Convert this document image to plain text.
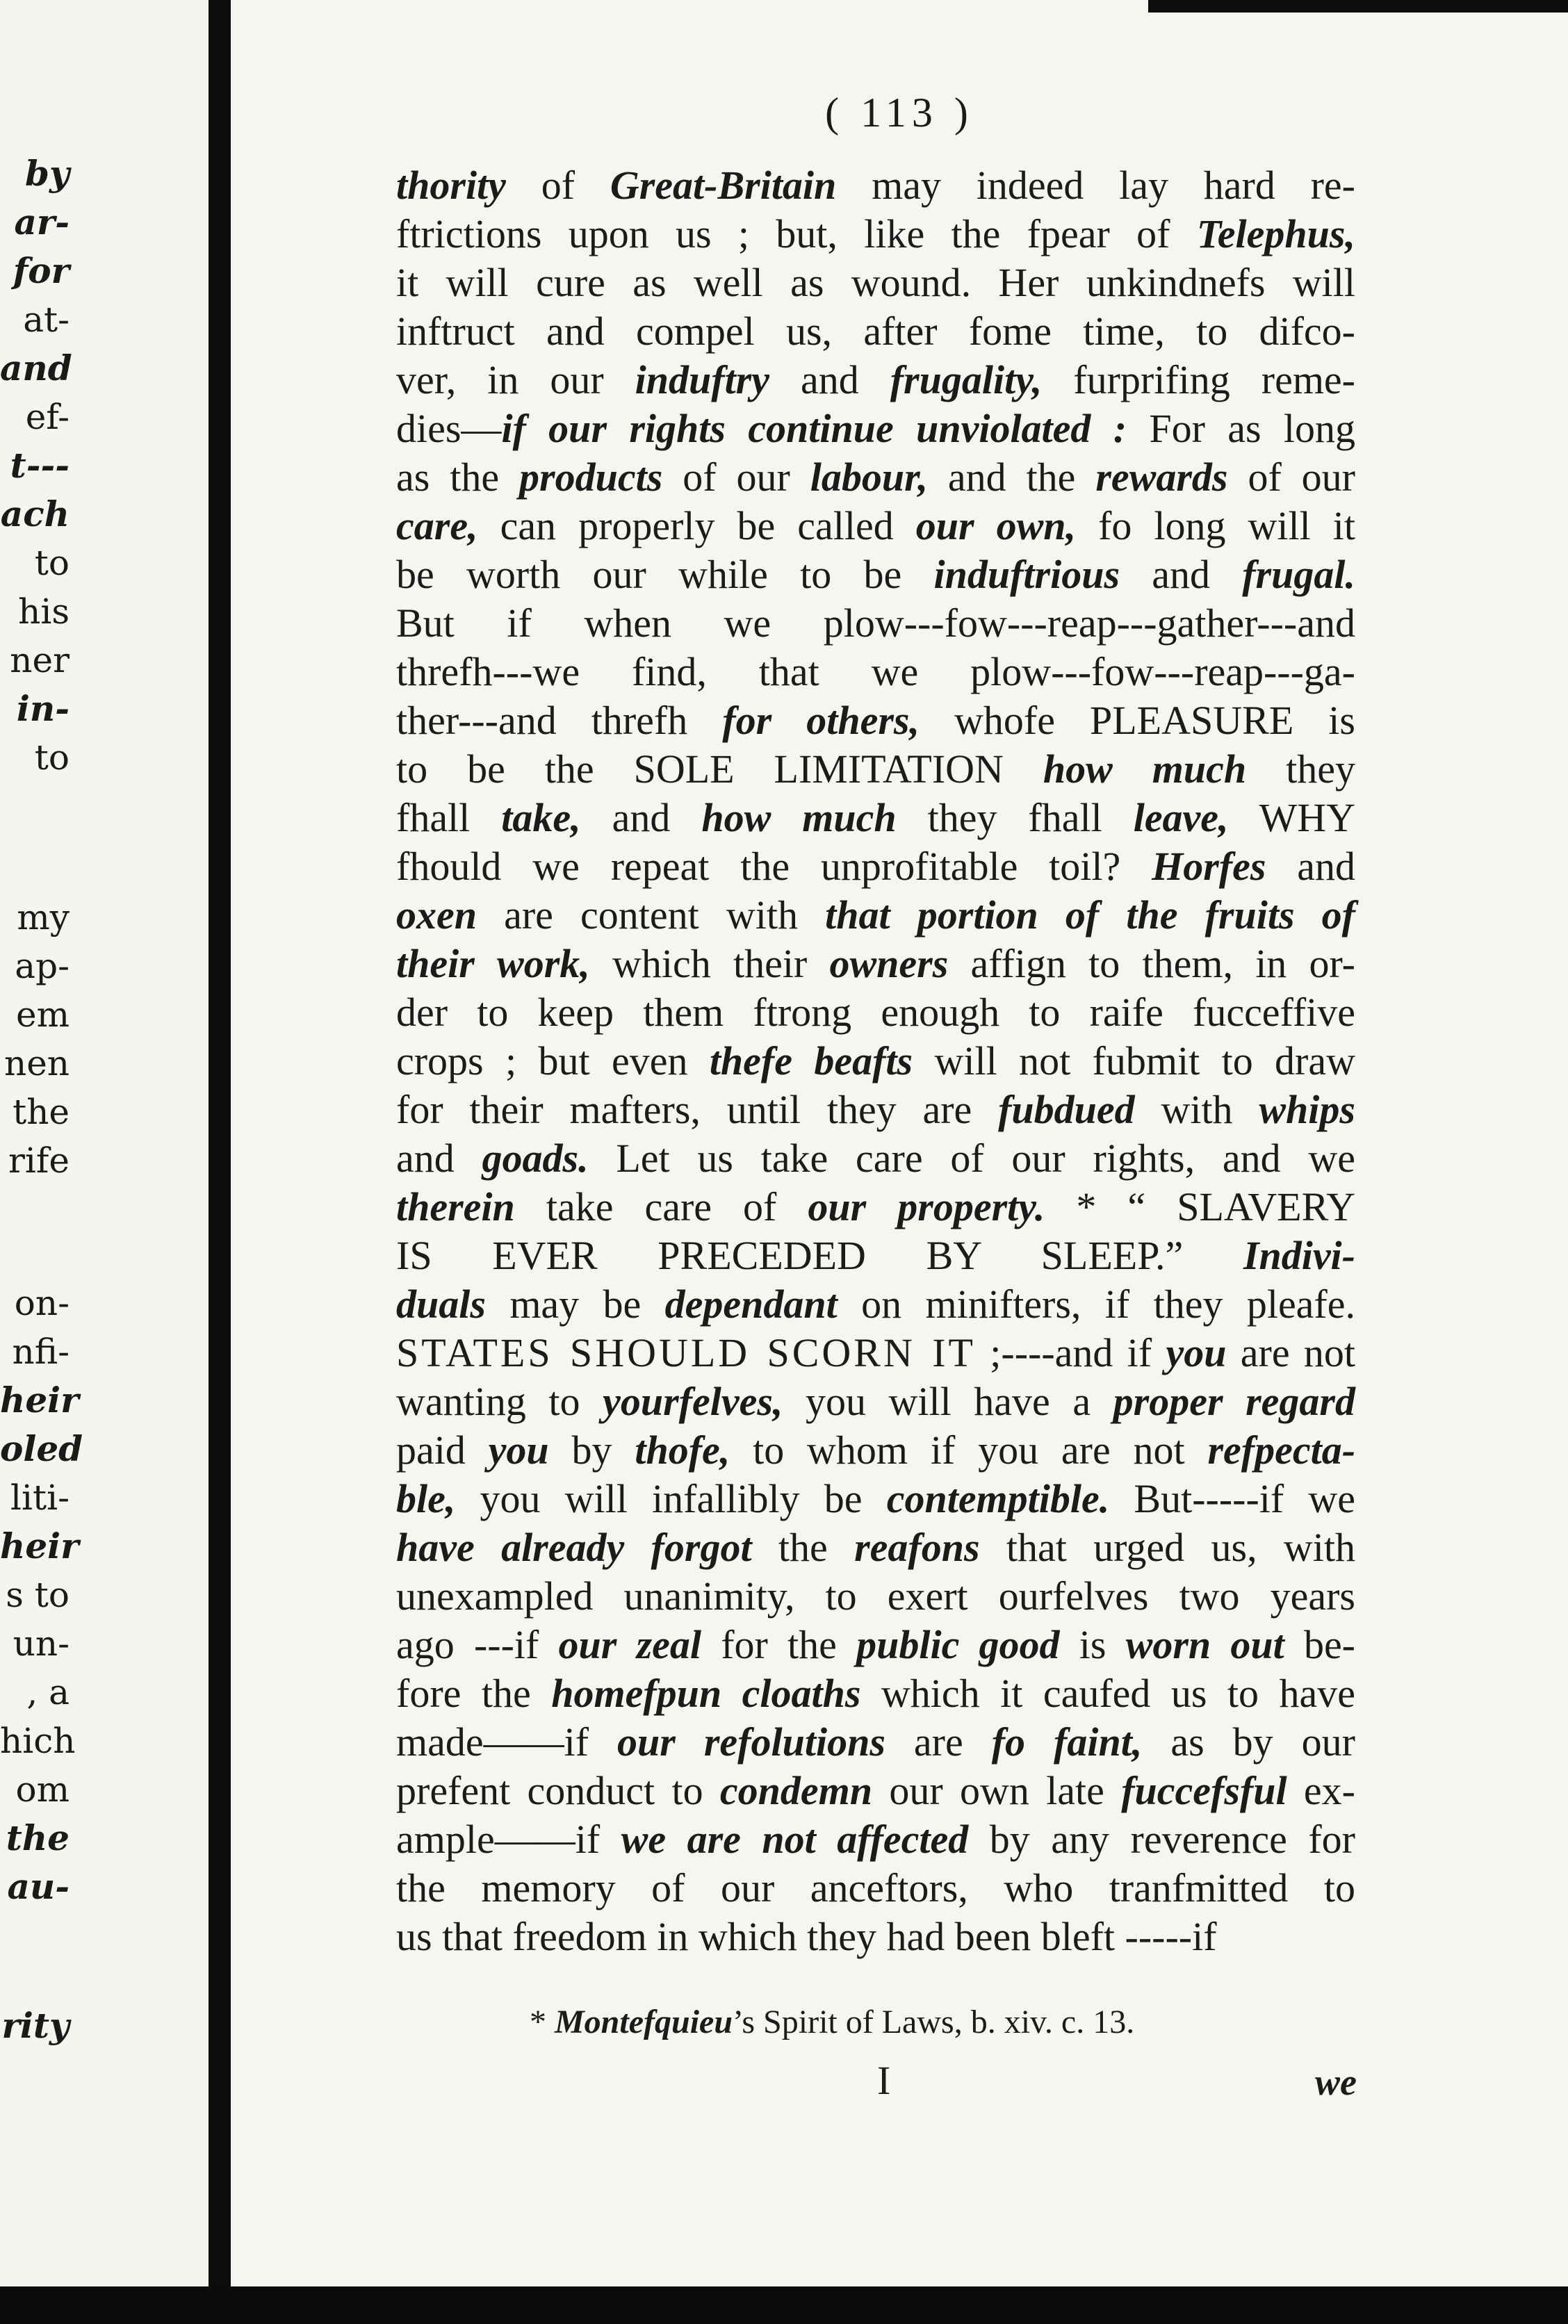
by
ar-
for
at-
and
ef-
t---
ach
to
his
ner
in-
to
my
ap-
em
nen
the
rife
on-
nfi-
heir
oled
liti-
heir
s to
un-
, a
hich
om
the
au-
rity
( 113 )
thority of Great-Britain may indeed lay hard re-
ftrictions upon us ; but, like the fpear of Telephus,
it will cure as well as wound. Her unkindnefs will
inftruct and compel us, after fome time, to difco-
ver, in our induftry and frugality, furprifing reme-
dies—if our rights continue unviolated : For as long
as the products of our labour, and the rewards of our
care, can properly be called our own, fo long will it
be worth our while to be induftrious and frugal.
But if when we plow---fow---reap---gather---and
threfh---we find, that we plow---fow---reap---ga-
ther---and threfh for others, whofe PLEASURE is
to be the SOLE LIMITATION how much they
fhall take, and how much they fhall leave, WHY
fhould we repeat the unprofitable toil? Horfes and
oxen are content with that portion of the fruits of
their work, which their owners affign to them, in or-
der to keep them ftrong enough to raife fucceffive
crops ; but even thefe beafts will not fubmit to draw
for their mafters, until they are fubdued with whips
and goads. Let us take care of our rights, and we
therein take care of our property. * “ SLAVERY
IS EVER PRECEDED BY SLEEP.” Indivi-
duals may be dependant on minifters, if they pleafe.
STATES SHOULD SCORN IT ;----and if you are not
wanting to yourfelves, you will have a proper regard
paid you by thofe, to whom if you are not refpecta-
ble, you will infallibly be contemptible. But-----if we
have already forgot the reafons that urged us, with
unexampled unanimity, to exert ourfelves two years
ago ---if our zeal for the public good is worn out be-
fore the homefpun cloaths which it caufed us to have
made——if our refolutions are fo faint, as by our
prefent conduct to condemn our own late fuccefsful ex-
ample——if we are not affected by any reverence for
the memory of our anceftors, who tranfmitted to
us that freedom in which they had been bleft -----if
* Montefquieu’s Spirit of Laws, b. xiv. c. 13.
I	we
